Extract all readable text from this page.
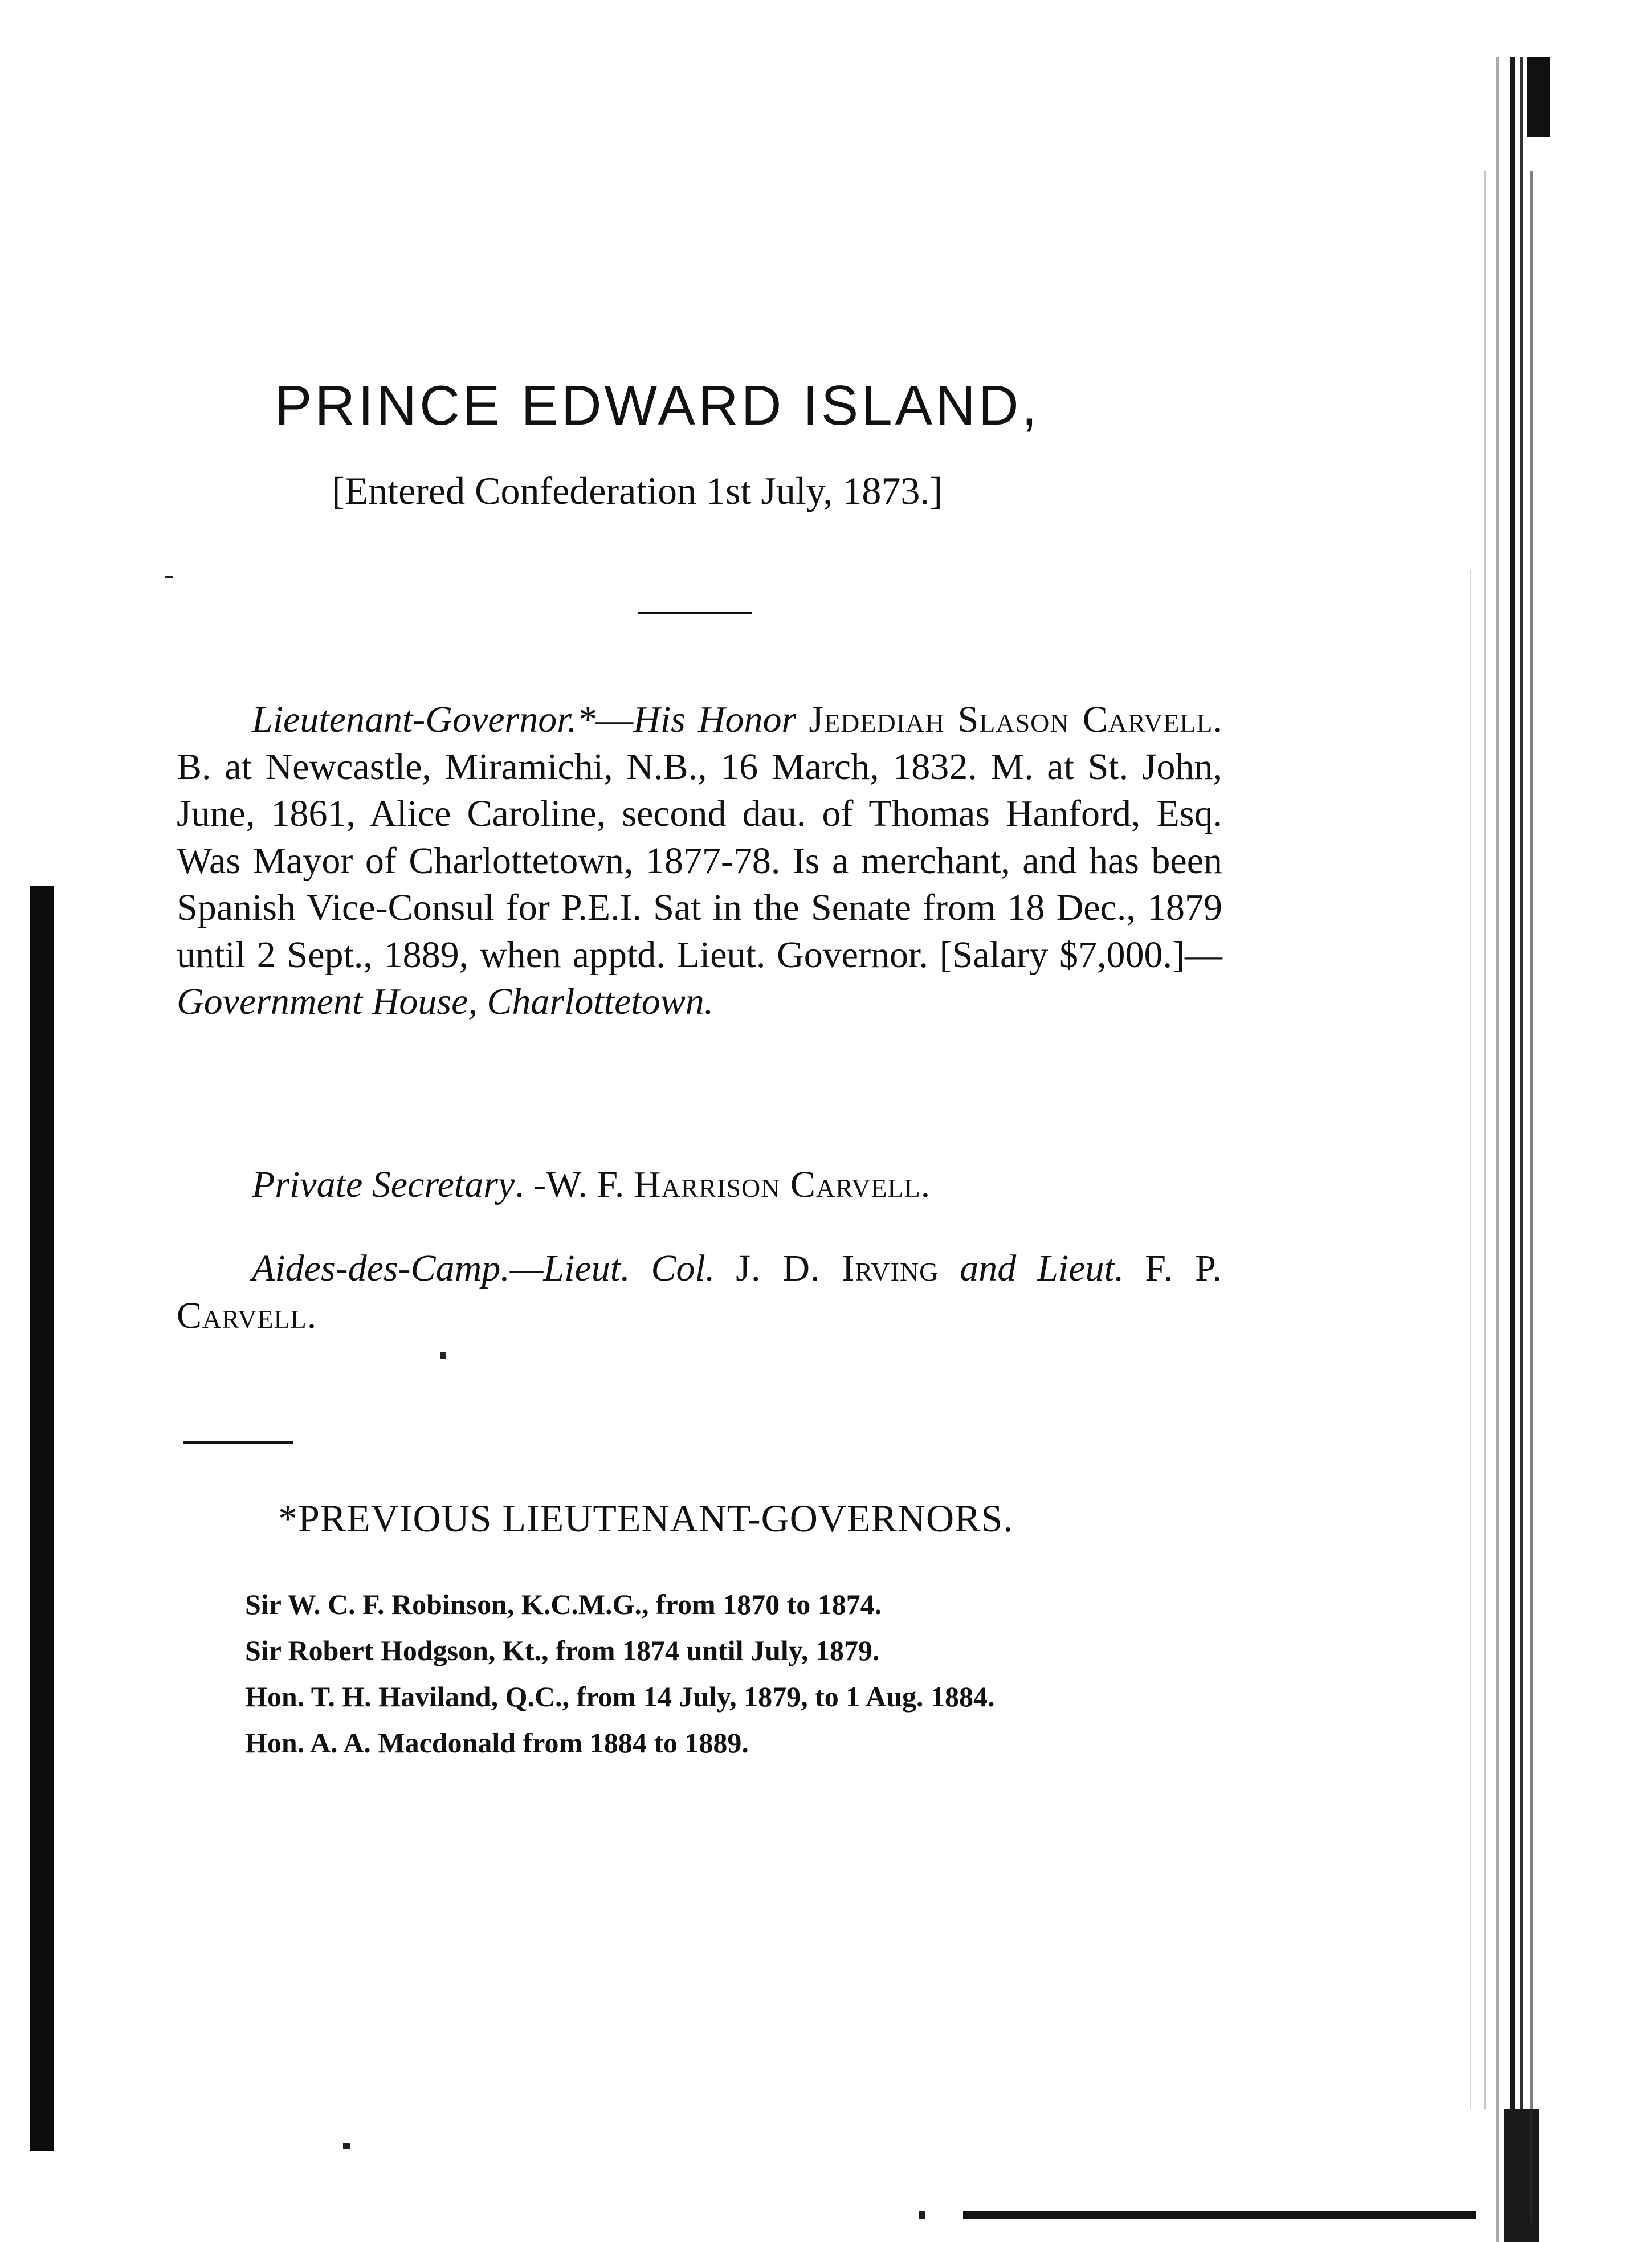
PRINCE EDWARD ISLAND,

[Entered Confederation 1st July, 1873.]

Lieutenant-Governor.*—His Honor Jedediah Slason Carvell. B. at Newcastle, Miramichi, N.B., 16 March, 1832. M. at St. John, June, 1861, Alice Caroline, second dau. of Thomas Hanford, Esq. Was Mayor of Charlottetown, 1877-78. Is a merchant, and has been Spanish Vice-Consul for P.E.I. Sat in the Senate from 18 Dec., 1879 until 2 Sept., 1889, when apptd. Lieut. Governor. [Salary $7,000.]—Government House, Charlottetown.

Private Secretary. -W. F. Harrison Carvell.

Aides-des-Camp.—Lieut. Col. J. D. Irving and Lieut. F. P. Carvell.

*PREVIOUS LIEUTENANT-GOVERNORS.

Sir W. C. F. Robinson, K.C.M.G., from 1870 to 1874.
Sir Robert Hodgson, Kt., from 1874 until July, 1879.
Hon. T. H. Haviland, Q.C., from 14 July, 1879, to 1 Aug. 1884.
Hon. A. A. Macdonald from 1884 to 1889.
